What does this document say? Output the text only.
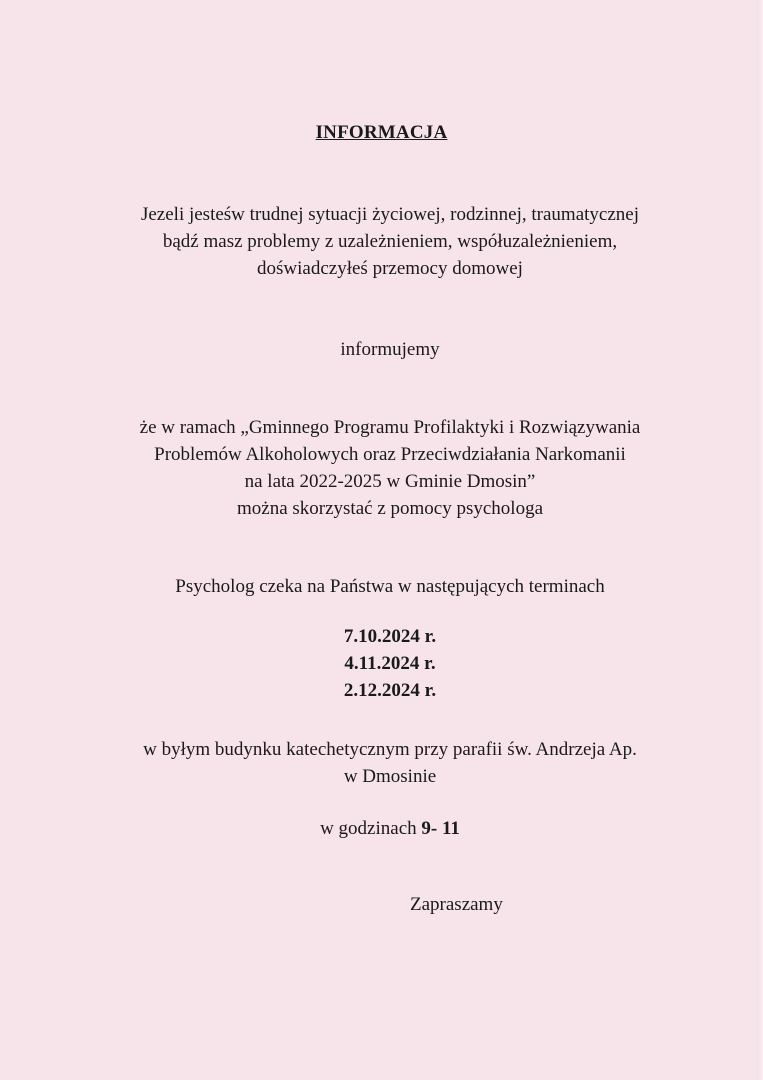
INFORMACJA
Jezeli jesteśw trudnej sytuacji życiowej, rodzinnej, traumatycznej
bądź masz problemy z uzależnieniem, współuzależnieniem,
doświadczyłeś przemocy domowej
informujemy
że w ramach „Gminnego Programu Profilaktyki i Rozwiązywania
Problemów Alkoholowych oraz Przeciwdziałania Narkomanii
na lata 2022-2025 w Gminie Dmosin”
można skorzystać z pomocy psychologa
Psycholog czeka na Państwa w następujących terminach
7.10.2024 r.
4.11.2024 r.
2.12.2024 r.
w byłym budynku katechetycznym przy parafii św. Andrzeja Ap.
w Dmosinie
w godzinach 9- 11
Zapraszamy
